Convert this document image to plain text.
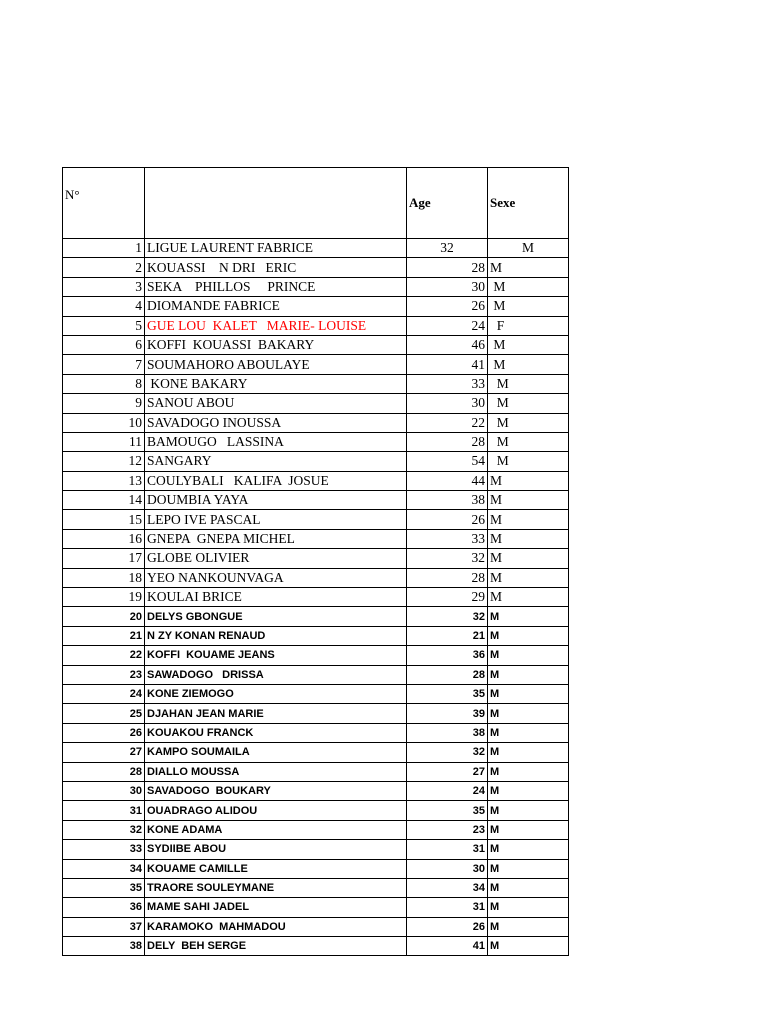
N°		Age	Sexe
1	LIGUE LAURENT FABRICE	32	M
2	KOUASSI    N DRI   ERIC	28	M
3	SEKA    PHILLOS     PRINCE	30	M
4	DIOMANDE FABRICE	26	M
5	GUE LOU  KALET   MARIE- LOUISE	24	F
6	KOFFI  KOUASSI  BAKARY	46	M
7	SOUMAHORO ABOULAYE	41	M
8	KONE BAKARY	33	M
9	SANOU ABOU	30	M
10	SAVADOGO INOUSSA	22	M
11	BAMOUGO   LASSINA	28	M
12	SANGARY	54	M
13	COULYBALI   KALIFA  JOSUE	44	M
14	DOUMBIA YAYA	38	M
15	LEPO IVE PASCAL	26	M
16	GNEPA  GNEPA MICHEL	33	M
17	GLOBE OLIVIER	32	M
18	YEO NANKOUNVAGA	28	M
19	KOULAI BRICE	29	M
20	DELYS GBONGUE	32	M
21	N ZY KONAN RENAUD	21	M
22	KOFFI  KOUAME JEANS	36	M
23	SAWADOGO   DRISSA	28	M
24	KONE ZIEMOGO	35	M
25	DJAHAN JEAN MARIE	39	M
26	KOUAKOU FRANCK	38	M
27	KAMPO SOUMAILA	32	M
28	DIALLO MOUSSA	27	M
30	SAVADOGO  BOUKARY	24	M
31	OUADRAGO ALIDOU	35	M
32	KONE ADAMA	23	M
33	SYDIIBE ABOU	31	M
34	KOUAME CAMILLE	30	M
35	TRAORE SOULEYMANE	34	M
36	MAME SAHI JADEL	31	M
37	KARAMOKO  MAHMADOU	26	M
38	DELY  BEH SERGE	41	M
